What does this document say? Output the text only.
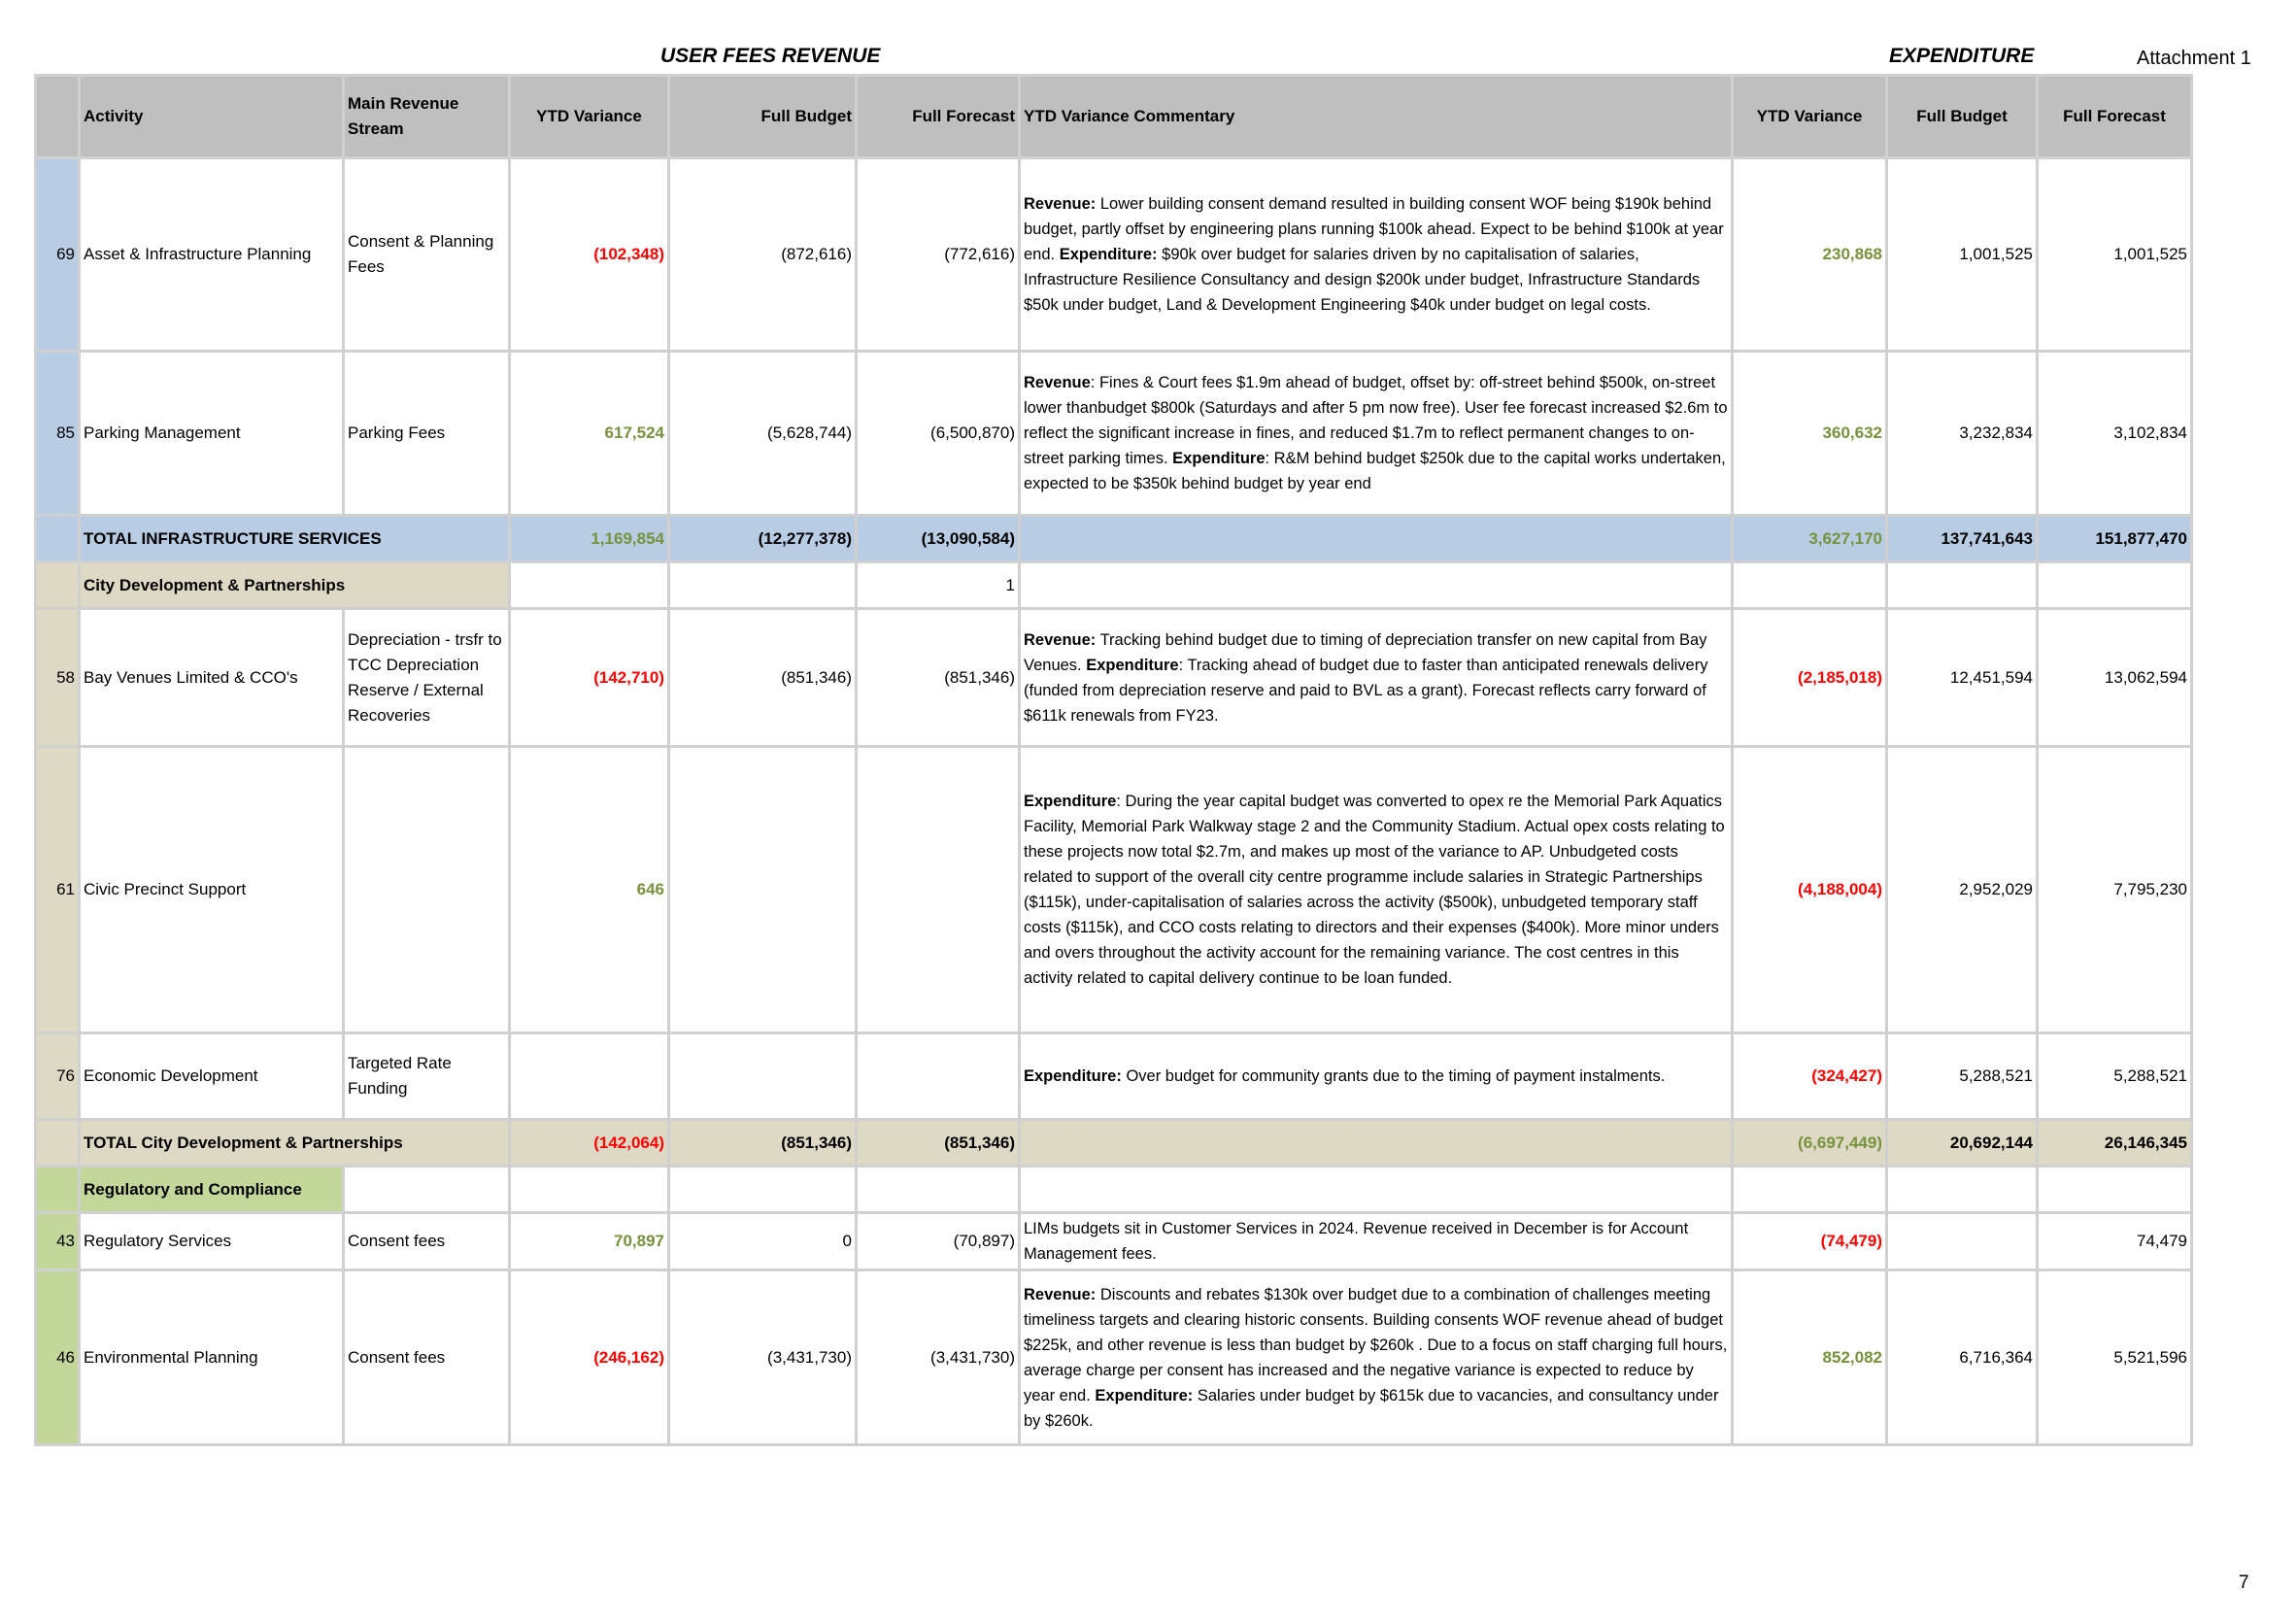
USER FEES REVENUE	EXPENDITURE	Attachment 1
	Activity	Main Revenue Stream	YTD Variance	Full Budget	Full Forecast	YTD Variance Commentary	YTD Variance	Full Budget	Full Forecast
69	Asset & Infrastructure Planning	Consent & Planning Fees	(102,348)	(872,616)	(772,616)	Revenue: Lower building consent demand resulted in building consent WOF being $190k behind budget, partly offset by engineering plans running $100k ahead. Expect to be behind $100k at year end. Expenditure: $90k over budget for salaries driven by no capitalisation of salaries, Infrastructure Resilience Consultancy and design $200k under budget, Infrastructure Standards $50k under budget, Land & Development Engineering $40k under budget on legal costs.	230,868	1,001,525	1,001,525
85	Parking Management	Parking Fees	617,524	(5,628,744)	(6,500,870)	Revenue: Fines & Court fees $1.9m ahead of budget, offset by: off-street behind $500k, on-street lower thanbudget $800k (Saturdays and after 5 pm now free). User fee forecast increased $2.6m to reflect the significant increase in fines, and reduced $1.7m to reflect permanent changes to on-street parking times. Expenditure: R&M behind budget $250k due to the capital works undertaken, expected to be $350k behind budget by year end	360,632	3,232,834	3,102,834
	TOTAL INFRASTRUCTURE SERVICES		1,169,854	(12,277,378)	(13,090,584)		3,627,170	137,741,643	151,877,470
	City Development & Partnerships				1				
58	Bay Venues Limited & CCO's	Depreciation - trsfr to TCC Depreciation Reserve / External Recoveries	(142,710)	(851,346)	(851,346)	Revenue: Tracking behind budget due to timing of depreciation transfer on new capital from Bay Venues. Expenditure: Tracking ahead of budget due to faster than anticipated renewals delivery (funded from depreciation reserve and paid to BVL as a grant). Forecast reflects carry forward of $611k renewals from FY23.	(2,185,018)	12,451,594	13,062,594
61	Civic Precinct Support		646			Expenditure: During the year capital budget was converted to opex re the Memorial Park Aquatics Facility, Memorial Park Walkway stage 2 and the Community Stadium. Actual opex costs relating to these projects now total $2.7m, and makes up most of the variance to AP. Unbudgeted costs related to support of the overall city centre programme include salaries in Strategic Partnerships ($115k), under-capitalisation of salaries across the activity ($500k), unbudgeted temporary staff costs ($115k), and CCO costs relating to directors and their expenses ($400k). More minor unders and overs throughout the activity account for the remaining variance. The cost centres in this activity related to capital delivery continue to be loan funded.	(4,188,004)	2,952,029	7,795,230
76	Economic Development	Targeted Rate Funding				Expenditure: Over budget for community grants due to the timing of payment instalments.	(324,427)	5,288,521	5,288,521
	TOTAL City Development & Partnerships		(142,064)	(851,346)	(851,346)		(6,697,449)	20,692,144	26,146,345
	Regulatory and Compliance								
43	Regulatory Services	Consent fees	70,897	0	(70,897)	LIMs budgets sit in Customer Services in 2024. Revenue received in December is for Account Management fees.	(74,479)		74,479
46	Environmental Planning	Consent fees	(246,162)	(3,431,730)	(3,431,730)	Revenue: Discounts and rebates $130k over budget due to a combination of challenges meeting timeliness targets and clearing historic consents. Building consents WOF revenue ahead of budget $225k, and other revenue is less than budget by $260k . Due to a focus on staff charging full hours, average charge per consent has increased and the negative variance is expected to reduce by year end. Expenditure: Salaries under budget by $615k due to vacancies, and consultancy under by $260k.	852,082	6,716,364	5,521,596
7
